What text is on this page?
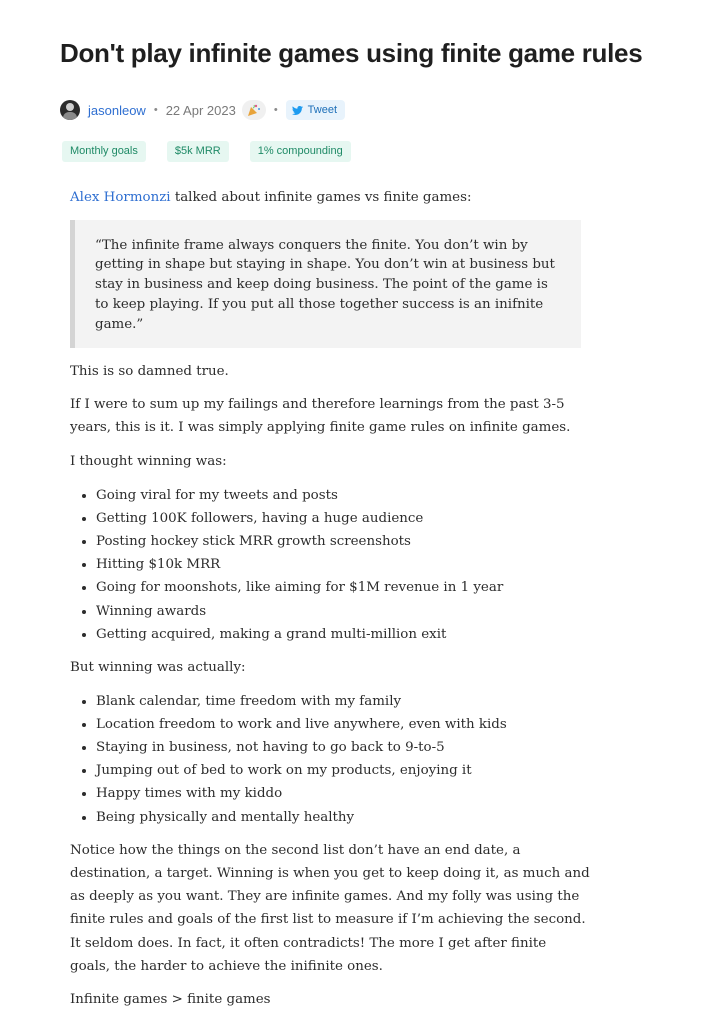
Don't play infinite games using finite game rules
jasonleow • 22 Apr 2023	•	Tweet
Monthly goals	$5k MRR	1% compounding

Alex Hormonzi talked about infinite games vs finite games:

“The infinite frame always conquers the finite. You don’t win by getting in shape but staying in shape. You don’t win at business but stay in business and keep doing business. The point of the game is to keep playing. If you put all those together success is an inifnite game.”

This is so damned true.

If I were to sum up my failings and therefore learnings from the past 3-5 years, this is it. I was simply applying finite game rules on infinite games.

I thought winning was:

• Going viral for my tweets and posts
• Getting 100K followers, having a huge audience
• Posting hockey stick MRR growth screenshots
• Hitting $10k MRR
• Going for moonshots, like aiming for $1M revenue in 1 year
• Winning awards
• Getting acquired, making a grand multi-million exit

But winning was actually:

• Blank calendar, time freedom with my family
• Location freedom to work and live anywhere, even with kids
• Staying in business, not having to go back to 9-to-5
• Jumping out of bed to work on my products, enjoying it
• Happy times with my kiddo
• Being physically and mentally healthy

Notice how the things on the second list don’t have an end date, a destination, a target. Winning is when you get to keep doing it, as much and as deeply as you want. They are infinite games. And my folly was using the finite rules and goals of the first list to measure if I’m achieving the second. It seldom does. In fact, it often contradicts! The more I get after finite goals, the harder to achieve the inifinite ones.

Infinite games > finite games
